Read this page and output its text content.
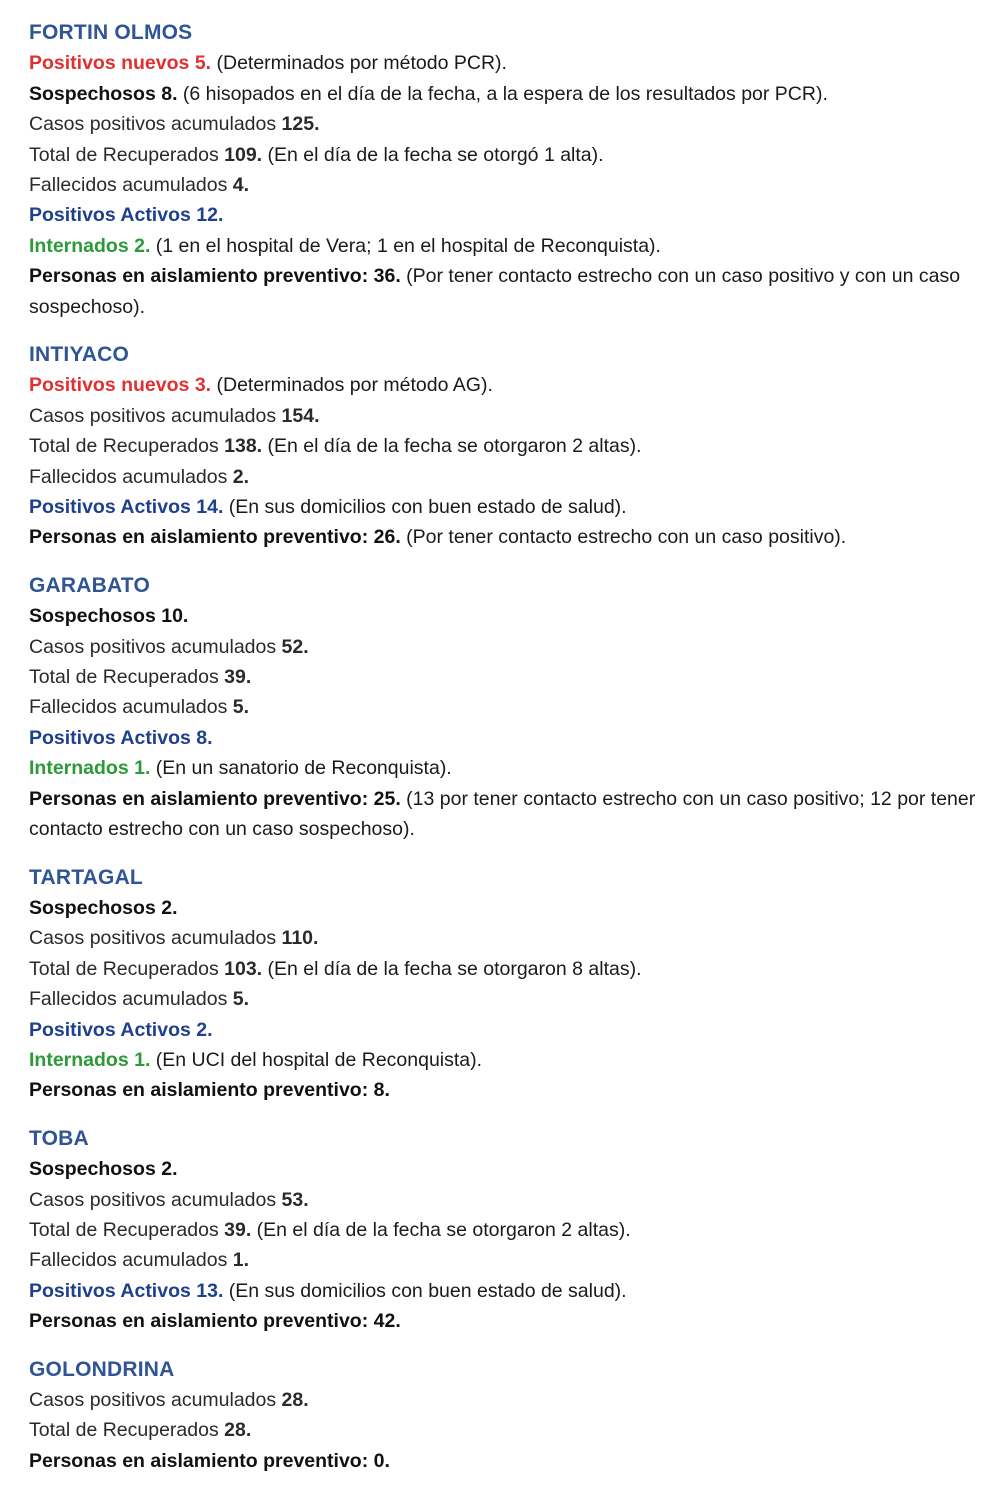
FORTIN OLMOS
Positivos nuevos 5. (Determinados por método PCR).
Sospechosos 8. (6 hisopados en el día de la fecha, a la espera de los resultados por PCR).
Casos positivos acumulados 125.
Total de Recuperados 109. (En el día de la fecha se otorgó 1 alta).
Fallecidos acumulados 4.
Positivos Activos 12.
Internados 2. (1 en el hospital de Vera; 1 en el hospital de Reconquista).
Personas en aislamiento preventivo: 36. (Por tener contacto estrecho con un caso positivo y con un caso sospechoso).
INTIYACO
Positivos nuevos 3. (Determinados por método AG).
Casos positivos acumulados 154.
Total de Recuperados 138. (En el día de la fecha se otorgaron 2 altas).
Fallecidos acumulados 2.
Positivos Activos 14. (En sus domicilios con buen estado de salud).
Personas en aislamiento preventivo: 26. (Por tener contacto estrecho con un caso positivo).
GARABATO
Sospechosos 10.
Casos positivos acumulados 52.
Total de Recuperados 39.
Fallecidos acumulados 5.
Positivos Activos 8.
Internados 1. (En un sanatorio de Reconquista).
Personas en aislamiento preventivo: 25. (13 por tener contacto estrecho con un caso positivo; 12 por tener contacto estrecho con un caso sospechoso).
TARTAGAL
Sospechosos 2.
Casos positivos acumulados 110.
Total de Recuperados 103. (En el día de la fecha se otorgaron 8 altas).
Fallecidos acumulados 5.
Positivos Activos 2.
Internados 1. (En UCI del hospital de Reconquista).
Personas en aislamiento preventivo: 8.
TOBA
Sospechosos 2.
Casos positivos acumulados 53.
Total de Recuperados 39. (En el día de la fecha se otorgaron 2 altas).
Fallecidos acumulados 1.
Positivos Activos 13. (En sus domicilios con buen estado de salud).
Personas en aislamiento preventivo: 42.
GOLONDRINA
Casos positivos acumulados 28.
Total de Recuperados 28.
Personas en aislamiento preventivo: 0.
